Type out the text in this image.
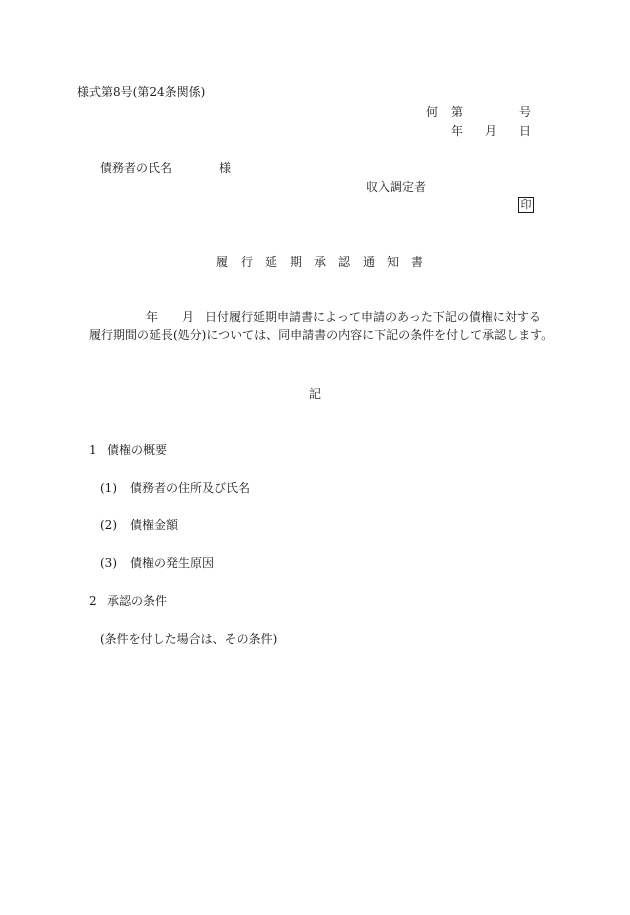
様式第8号(第24条関係)
何 第	号
年 月 日
債務者の氏名	様
収入調定者
印
履 行 延 期 承 認 通 知 書
年 月 日付履行延期申請書によって申請のあった下記の債権に対する
履行期間の延長(処分)については、同申請書の内容に下記の条件を付して承認します。
記
1 債権の概要
(1) 債務者の住所及び氏名
(2) 債権金額
(3) 債権の発生原因
2 承認の条件
(条件を付した場合は、その条件)
